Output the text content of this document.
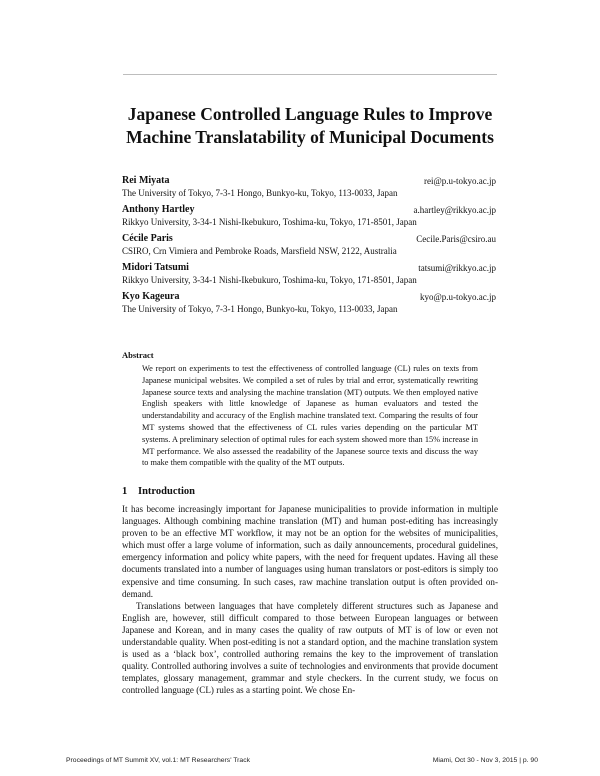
Japanese Controlled Language Rules to Improve
Machine Translatability of Municipal Documents
Rei Miyata	rei@p.u-tokyo.ac.jp
The University of Tokyo, 7-3-1 Hongo, Bunkyo-ku, Tokyo, 113-0033, Japan
Anthony Hartley	a.hartley@rikkyo.ac.jp
Rikkyo University, 3-34-1 Nishi-Ikebukuro, Toshima-ku, Tokyo, 171-8501, Japan
Cécile Paris	Cecile.Paris@csiro.au
CSIRO, Crn Vimiera and Pembroke Roads, Marsfield NSW, 2122, Australia
Midori Tatsumi	tatsumi@rikkyo.ac.jp
Rikkyo University, 3-34-1 Nishi-Ikebukuro, Toshima-ku, Tokyo, 171-8501, Japan
Kyo Kageura	kyo@p.u-tokyo.ac.jp
The University of Tokyo, 7-3-1 Hongo, Bunkyo-ku, Tokyo, 113-0033, Japan
Abstract
We report on experiments to test the effectiveness of controlled language (CL) rules on texts from Japanese municipal websites. We compiled a set of rules by trial and error, systematically rewriting Japanese source texts and analysing the machine translation (MT) outputs. We then employed native English speakers with little knowledge of Japanese as human evaluators and tested the understandability and accuracy of the English machine translated text. Comparing the results of four MT systems showed that the effectiveness of CL rules varies depending on the particular MT systems. A preliminary selection of optimal rules for each system showed more than 15% increase in MT performance. We also assessed the readability of the Japanese source texts and discuss the way to make them compatible with the quality of the MT outputs.
1 Introduction

It has become increasingly important for Japanese municipalities to provide information in multiple languages. Although combining machine translation (MT) and human post-editing has increasingly proven to be an effective MT workflow, it may not be an option for the websites of municipalities, which must offer a large volume of information, such as daily announcements, procedural guidelines, emergency information and policy white papers, with the need for frequent updates. Having all these documents translated into a number of languages using human translators or post-editors is simply too expensive and time consuming. In such cases, raw machine translation output is often provided on-demand.

Translations between languages that have completely different structures such as Japanese and English are, however, still difficult compared to those between European languages or between Japanese and Korean, and in many cases the quality of raw outputs of MT is of low or even not understandable quality. When post-editing is not a standard option, and the machine translation system is used as a ‘black box’, controlled authoring remains the key to the improvement of translation quality. Controlled authoring involves a suite of technologies and environments that provide document templates, glossary management, grammar and style checkers. In the current study, we focus on controlled language (CL) rules as a starting point. We chose En-

Proceedings of MT Summit XV, vol.1: MT Researchers' Track	Miami, Oct 30 - Nov 3, 2015 | p. 90
